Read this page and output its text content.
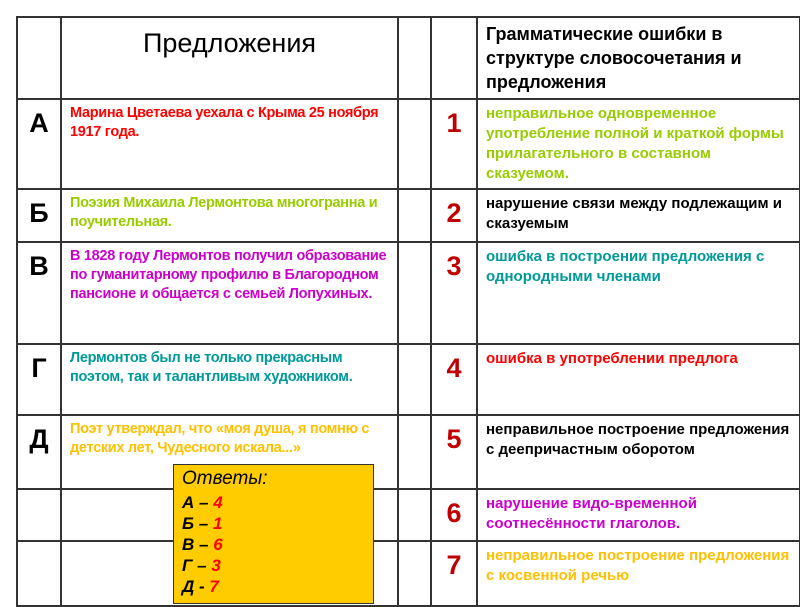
	Предложения			Грамматические ошибки в структуре словосочетания и предложения
А	Марина Цветаева уехала с Крыма 25 ноября 1917 года.		1	неправильное одновременное употребление полной и краткой формы прилагательного в составном сказуемом.
Б	Поэзия Михаила Лермонтова многогранна и поучительная.		2	нарушение связи между подлежащим и сказуемым
В	В 1828 году Лермонтов получил образование по гуманитарному профилю в Благородном пансионе и общается с семьей Лопухиных.		3	ошибка в построении предложения с однородными членами
Г	Лермонтов был не только прекрасным поэтом, так и талантливым художником.		4	ошибка в употреблении предлога
Д	Поэт утверждал, что «моя душа, я помню с детских лет, Чудесного искала...»		5	неправильное построение предложения с деепричастным оборотом
			6	нарушение видо-временной соотнесённости глаголов.
			7	неправильное построение предложения с косвенной речью
Ответы:
А – 4
Б – 1
В – 6
Г – 3
Д - 7
